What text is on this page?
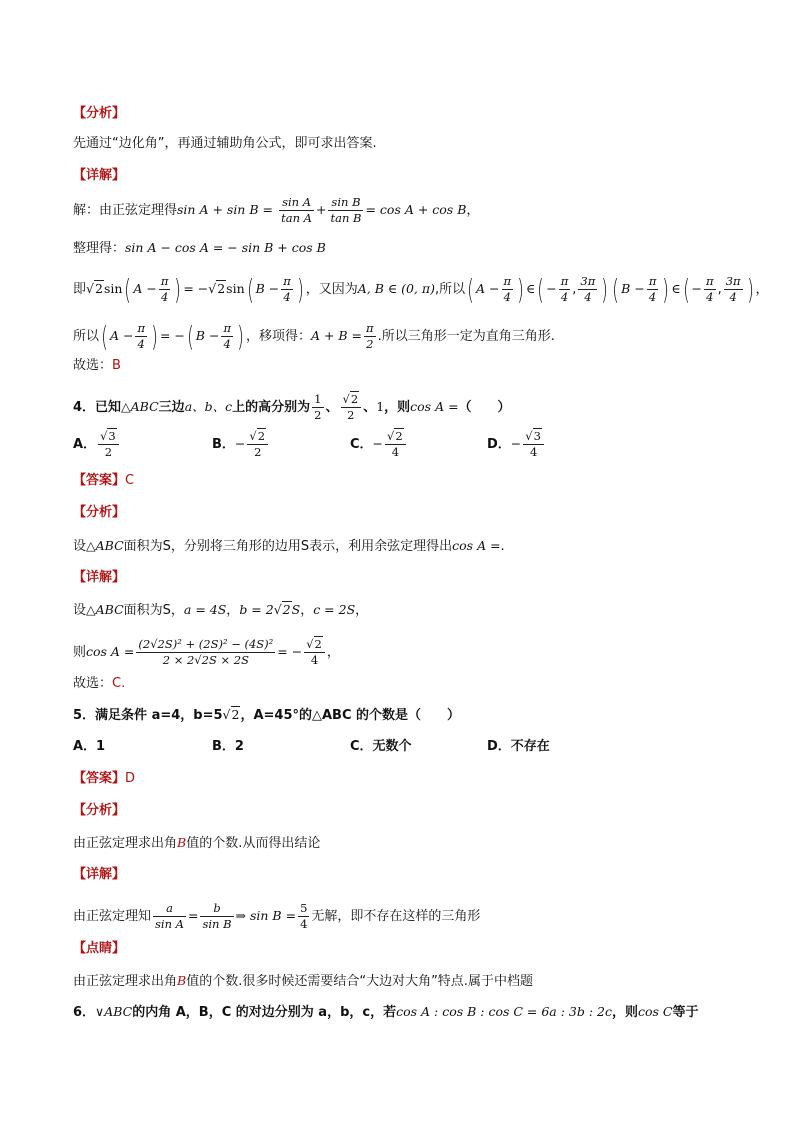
【分析】
先通过“边化角”，再通过辅助角公式，即可求出答案.
【详解】
解：由正弦定理得$\sin A + \sin B = \frac{\text{sin A}}{\text{tan A}} + \frac{\text{sin B}}{\text{tan B}} = \cos A + \cos B$，
整理得：sin A − cos A = − sin B + cos B
即√2sin( $A - \frac{\pi}{4}$ ) = −√2sin( $B - \frac{\pi}{4}$ ) ，又因为A, B ∈ (0, π),所以( $A - \frac{\pi}{4}$ ) ∈( − $\frac{\pi}{4}$ , $\frac{3\pi}{4}$ ) ( $B - \frac{\pi}{4}$ ) ∈( − $\frac{\pi}{4}$ , $\frac{3\pi}{4}$ ) ，
所以( $A - \frac{\pi}{4}$ ) = −( $B - \frac{\pi}{4}$ ) ，移项得：$A + B = \frac{\pi}{2}$ .所以三角形一定为直角三角形.
故选：B
4．已知△ABC三边a、b、c上的高分别为 $\frac{1}{2}$ 、 $\frac{√2}{2}$ 、1，则cos A =（　　）
A． $\frac{√3}{2}$	B．− $\frac{√2}{2}$	C．− $\frac{√2}{4}$	D．− $\frac{√3}{4}$
【答案】C
【分析】
设△ABC面积为S，分别将三角形的边用S表示，利用余弦定理得出cos A =.
【详解】
设△ABC面积为S，a = 4S，b = 2√2S，c = 2S，
则$\cos A = \frac{\text{(2√2S)² + (2S)² − (4S)²}}{2 \times 2√2S \times 2S}$ = − $\frac{√2}{4}$ ，
故选：C.
5．满足条件 a=4，b=5√2，A=45°的△ABC 的个数是（　　）
A．1	B．2	C．无数个	D．不存在
【答案】D
【分析】
由正弦定理求出角B值的个数.从而得出结论
【详解】
由正弦定理知 $\frac{a}{\text{sin A}} = \frac{b}{\text{sin B}}$ ⇒ $\sin B = \frac{5}{4}$ 无解，即不存在这样的三角形
【点睛】
由正弦定理求出角B值的个数.很多时候还需要结合“大边对大角”特点.属于中档题
6．∨ABC的内角 A，B，C 的对边分别为 a，b，c，若cos A : cos B : cos C = 6a : 3b : 2c，则cos C等于
